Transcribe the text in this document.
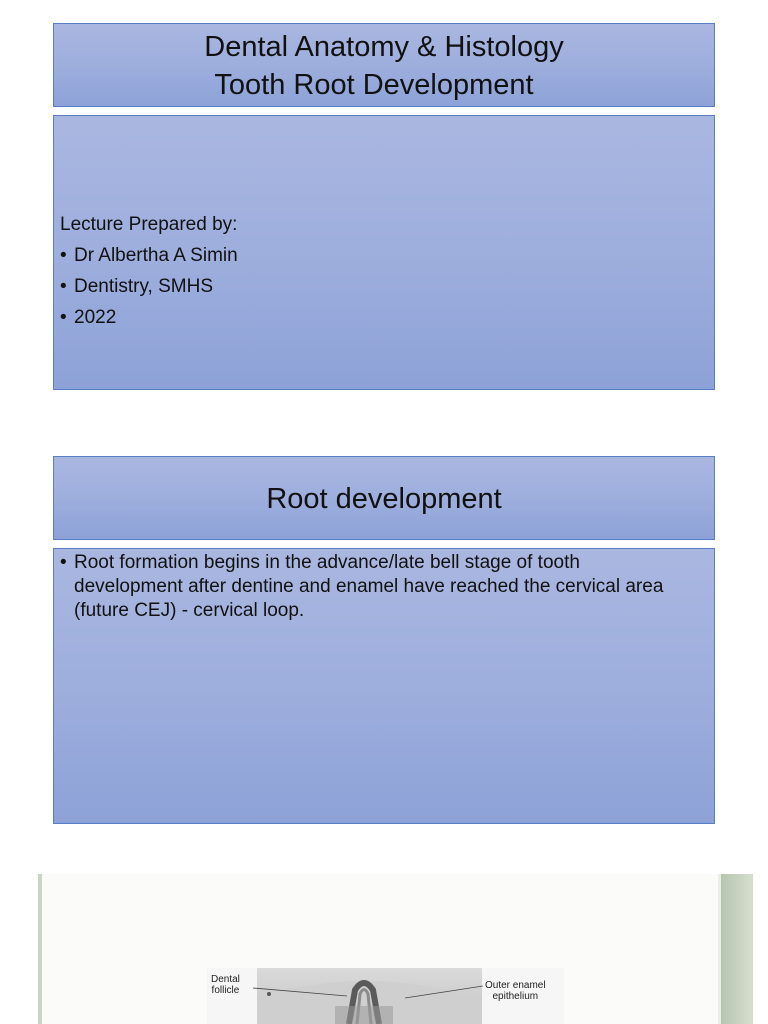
Dental Anatomy & Histology
Tooth Root Development
Lecture Prepared by:
• Dr Albertha A Simin
• Dentistry, SMHS
• 2022
Root development
• Root formation begins in the advance/late bell stage of tooth development after dentine and enamel have reached the cervical area (future CEJ) - cervical loop.
Dental
follicle	Outer enamel
epithelium
